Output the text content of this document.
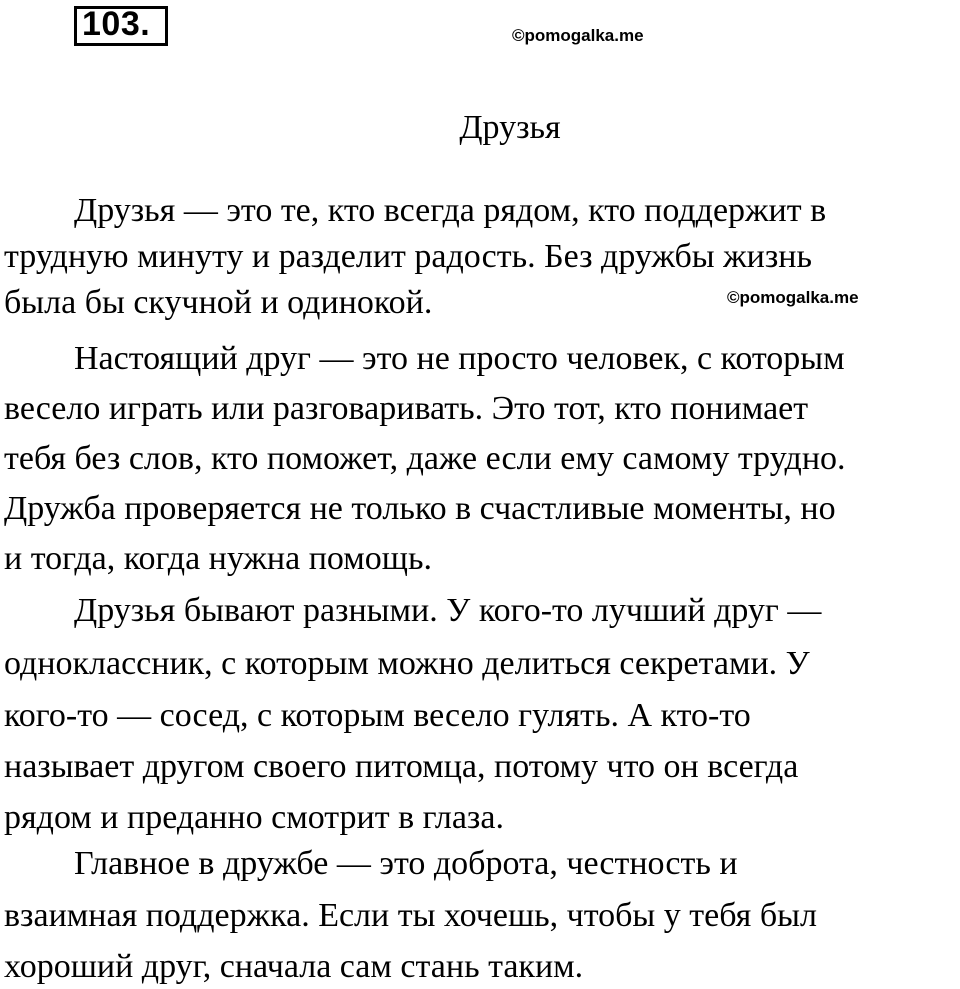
103.	©pomogalka.me
Друзья
Друзья — это те, кто всегда рядом, кто поддержит в
трудную минуту и разделит радость. Без дружбы жизнь
была бы скучной и одинокой.	©pomogalka.me
Настоящий друг — это не просто человек, с которым
весело играть или разговаривать. Это тот, кто понимает
тебя без слов, кто поможет, даже если ему самому трудно.
Дружба проверяется не только в счастливые моменты, но
и тогда, когда нужна помощь.
Друзья бывают разными. У кого-то лучший друг —
одноклассник, с которым можно делиться секретами. У
кого-то — сосед, с которым весело гулять. А кто-то
называет другом своего питомца, потому что он всегда
рядом и преданно смотрит в глаза.
Главное в дружбе — это доброта, честность и
взаимная поддержка. Если ты хочешь, чтобы у тебя был
хороший друг, сначала сам стань таким.
